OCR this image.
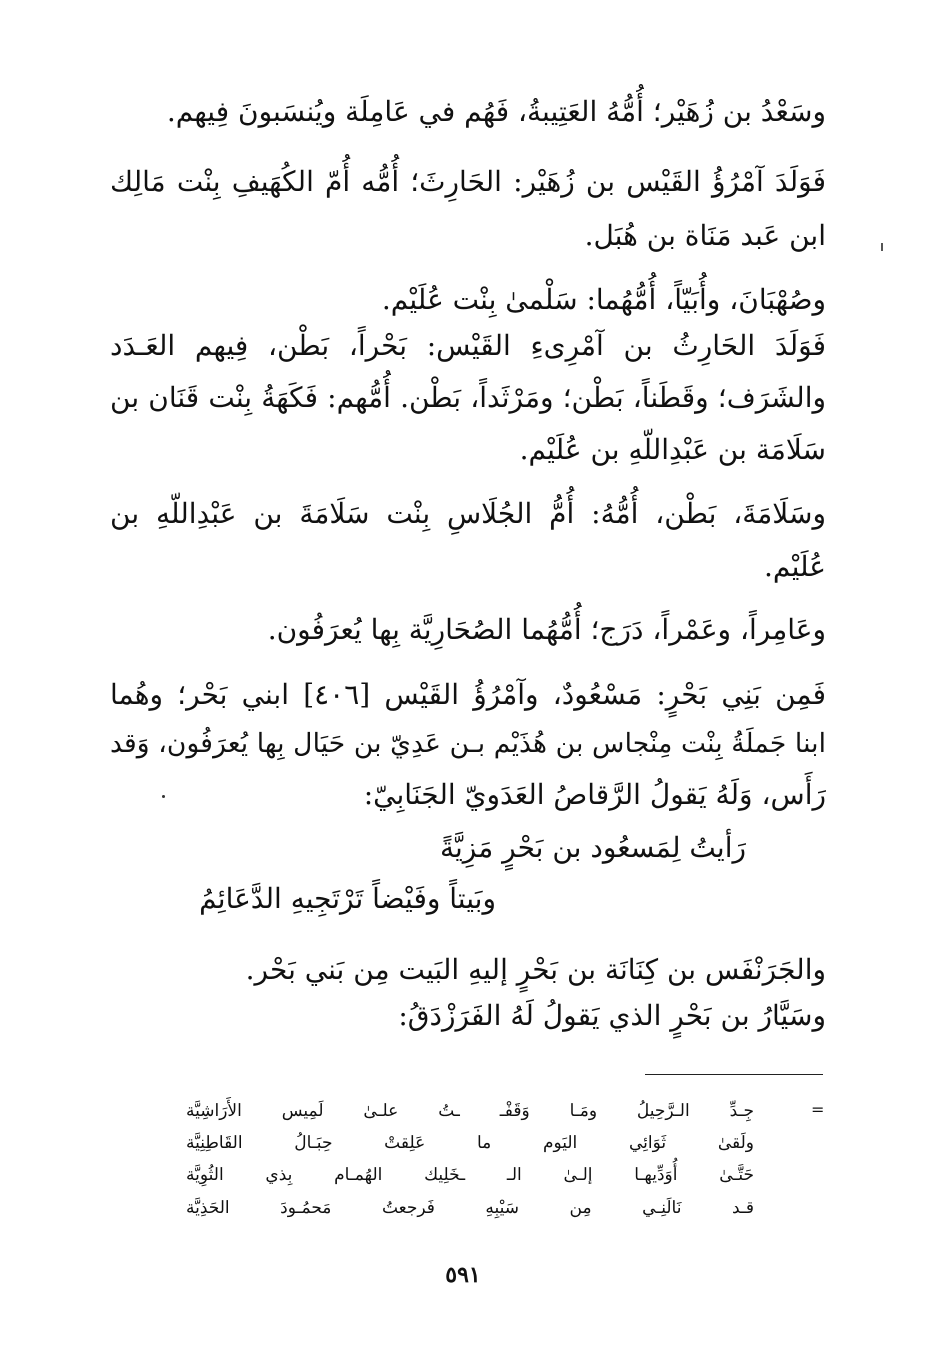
وسَعْدُ بن زُهَيْر؛ أُمُّهُ العَتِيبةُ، فَهُم في عَامِلَة ويُنسَبونَ فِيهم.
فَوَلَدَ آمْرُؤُ القَيْس بن زُهَيْر: الحَارِثَ؛ أُمُّه أُمّ الكُهَيفِ بِنْت مَالِك
ابن عَبد مَنَاة بن هُبَل.
وصُهْبَانَ، وأُبَيّاً، أُمُّهُما: سَلْمىٰ بِنْت عُلَيْم.
فَوَلَدَ الحَارِثُ بن آمْرِىءِ القَيْس: بَحْراً، بَطْن، فِيهم العَـدَد
والشَرَف؛ وقَطَناً، بَطْن؛ ومَرْثَداً، بَطْن. أُمُّهم: فَكَهَةُ بِنْت قَنَان بن
سَلَامَة بن عَبْدِاللّهِ بن عُلَيْم.
وسَلَامَةَ، بَطْن، أُمُّهُ: أُمُّ الجُلَاسِ بِنْت سَلَامَةَ بن عَبْدِاللّهِ بن
عُلَيْم.
وعَامِراً، وعَمْراً، دَرَج؛ أُمُّهُما الصُحَارِيَّة بِها يُعرَفُون.
فَمِن بَنِي بَحْرٍ: مَسْعُودٌ، وآمْرُؤُ القَيْس [٤٠٦] ابني بَحْر؛ وهُما
ابنا جَملَةُ بِنْت مِنْجاس بن هُذَيْم بـن عَدِيّ بن حَيَال بِها يُعرَفُون، وَقد
رَأَس، وَلَهُ يَقولُ الرَّقاصُ العَدَويّ الجَنَابِيّ:
رَأيتُ لِمَسعُود بن بَحْرٍ مَزِيَّةً
وبَيتاً وفَيْضاً تَرْتَجِيهِ الدَّعَائِمُ
والجَرَنْفَس بن كِنَانَة بن بَحْرٍ إليهِ البَيت مِن بَني بَحْر.
وسَيَّارُ بن بَحْرٍ الذي يَقولُ لَهُ الفَرَزْدَقُ:
=
جِـدِّ
الـرَّحِيلُ
ومَـا
وَقَفْـ
ـتُ
علـىٰ
لَمِيس
الأَرَاشِيَّة
ولَقىٰ
ثَوَائِي
اليَوم
ما
عَلِقتْ
حِبَـالُ
القَاطِنِيَّة
حَتَّـىٰ
أُوَدِّيهـا
إلـىٰ
الـ
ـخَلِيك
الهُمـام
بِذي
الثُوِيَّة
قـد
نَالَنِـي
مِن
سَيْبِهِ
فَرجعتُ
مَحمُـودَ
الحَذِيَّة
٥٩١
